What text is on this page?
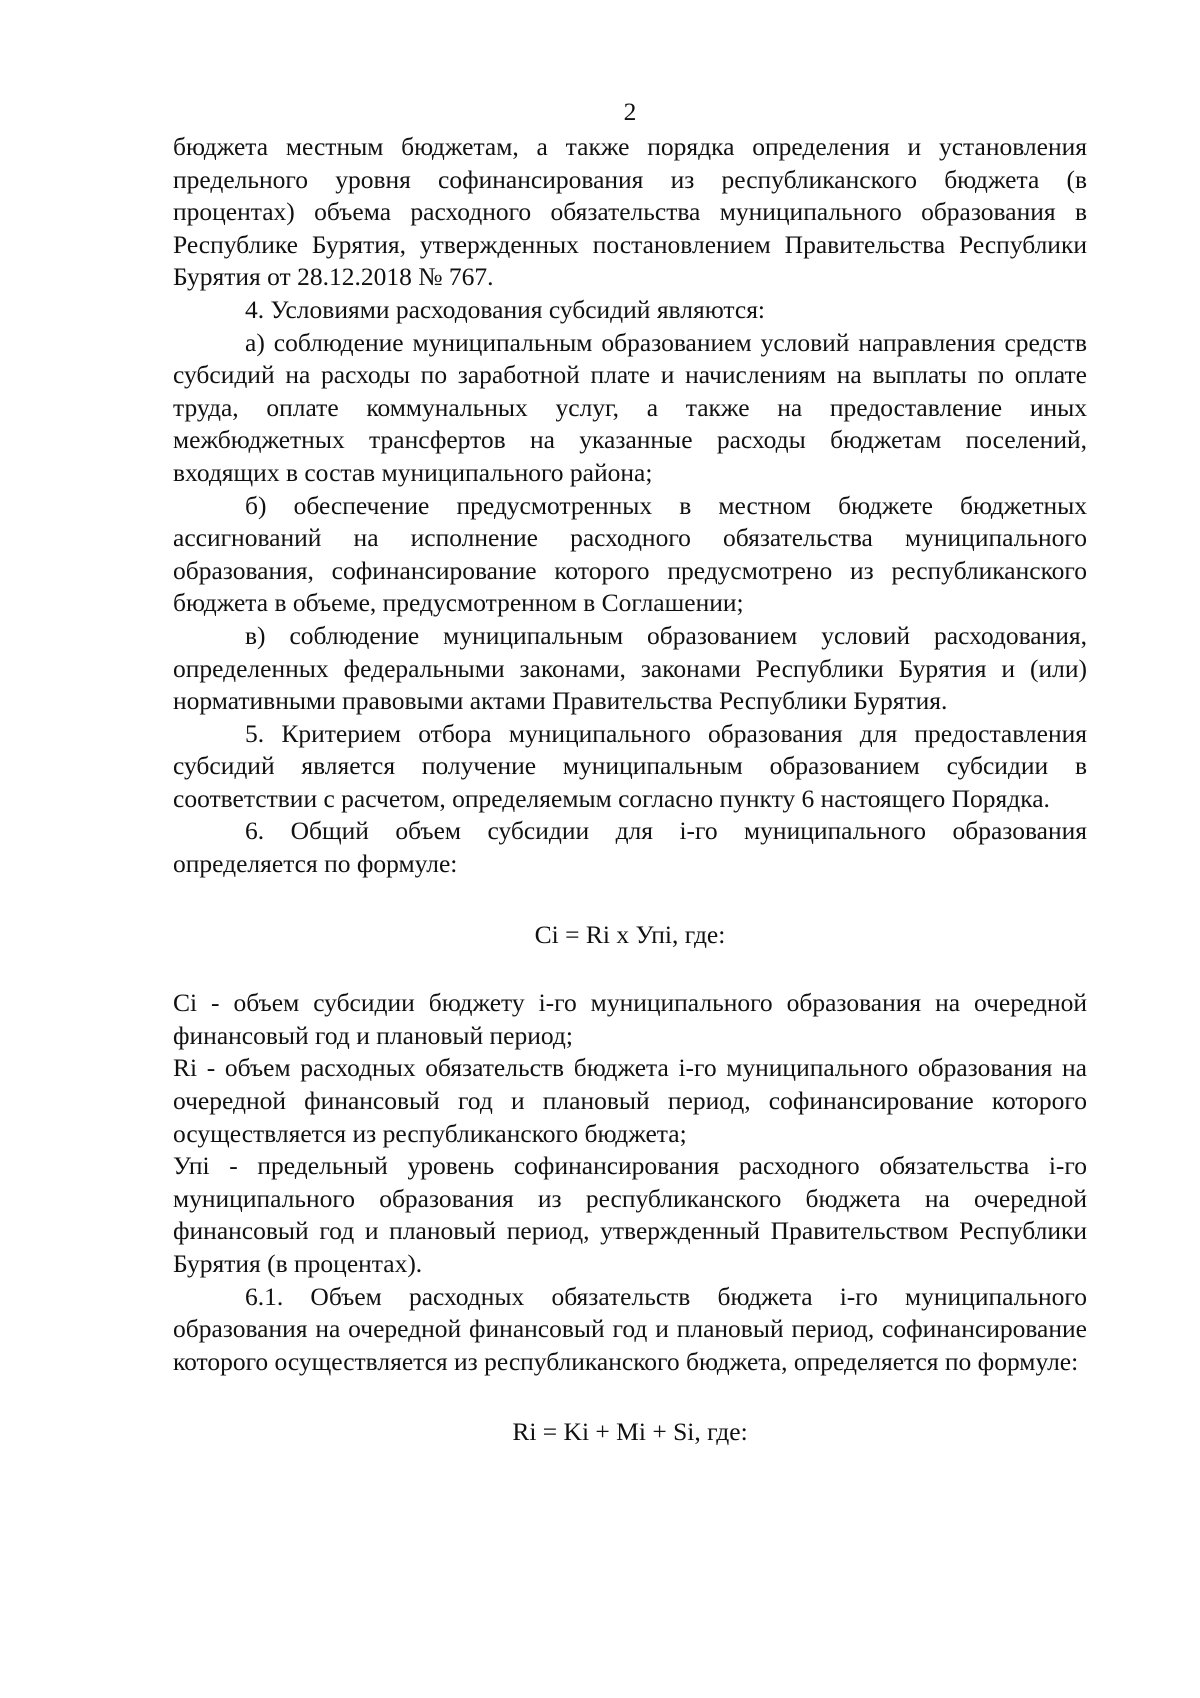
2

бюджета местным бюджетам, а также порядка определения и установления предельного уровня софинансирования из республиканского бюджета (в процентах) объема расходного обязательства муниципального образования в Республике Бурятия, утвержденных постановлением Правительства Республики Бурятия от 28.12.2018 № 767.

4. Условиями расходования субсидий являются:

а) соблюдение муниципальным образованием условий направления средств субсидий на расходы по заработной плате и начислениям на выплаты по оплате труда, оплате коммунальных услуг, а также на предоставление иных межбюджетных трансфертов на указанные расходы бюджетам поселений, входящих в состав муниципального района;

б) обеспечение предусмотренных в местном бюджете бюджетных ассигнований на исполнение расходного обязательства муниципального образования, софинансирование которого предусмотрено из республиканского бюджета в объеме, предусмотренном в Соглашении;

в) соблюдение муниципальным образованием условий расходования, определенных федеральными законами, законами Республики Бурятия и (или) нормативными правовыми актами Правительства Республики Бурятия.

5. Критерием отбора муниципального образования для предоставления субсидий является получение муниципальным образованием субсидии в соответствии с расчетом, определяемым согласно пункту 6 настоящего Порядка.

6. Общий объем субсидии для i-го муниципального образования определяется по формуле:

Ci = Ri x Упi, где:

Ci - объем субсидии бюджету i-го муниципального образования на очередной финансовый год и плановый период;

Ri - объем расходных обязательств бюджета i-го муниципального образования на очередной финансовый год и плановый период, софинансирование которого осуществляется из республиканского бюджета;

Упi - предельный уровень софинансирования расходного обязательства i-го муниципального образования из республиканского бюджета на очередной финансовый год и плановый период, утвержденный Правительством Республики Бурятия (в процентах).

6.1. Объем расходных обязательств бюджета i-го муниципального образования на очередной финансовый год и плановый период, софинансирование которого осуществляется из республиканского бюджета, определяется по формуле:

Ri = Ki + Mi + Si, где:
